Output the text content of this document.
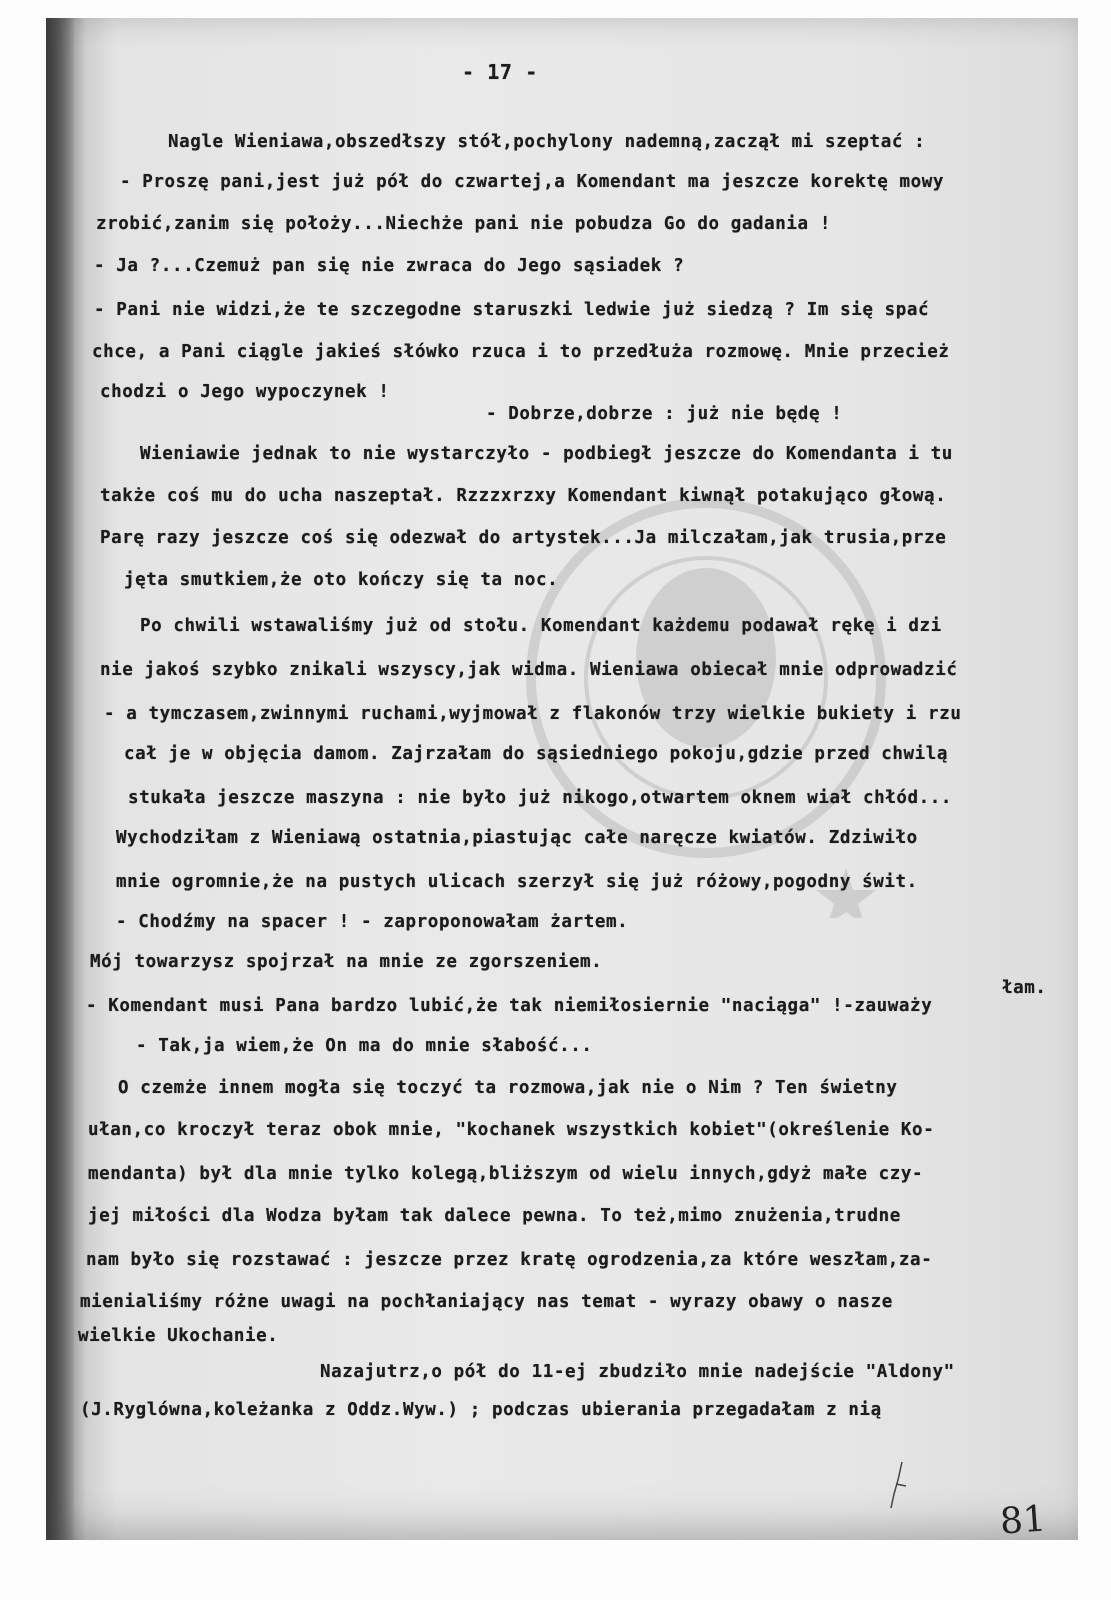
- 17 -
Nagle Wieniawa,obszedłszy stół,pochylony nademną,zaczął mi szeptać :
- Proszę pani,jest już pół do czwartej,a Komendant ma jeszcze korektę mowy
zrobić,zanim się położy...Niechże pani nie pobudza Go do gadania !
- Ja ?...Czemuż pan się nie zwraca do Jego sąsiadek ?
- Pani nie widzi,że te szczegodne staruszki ledwie już siedzą ? Im się spać
chce, a Pani ciągle jakieś słówko rzuca i to przedłuża rozmowę. Mnie przecież
chodzi o Jego wypoczynek !
- Dobrze,dobrze : już nie będę !
Wieniawie jednak to nie wystarczyło - podbiegł jeszcze do Komendanta i tu
także coś mu do ucha naszeptał. Rzzzxrzxy Komendant kiwnął potakująco głową.
Parę razy jeszcze coś się odezwał do artystek...Ja milczałam,jak trusia,prze
jęta smutkiem,że oto kończy się ta noc.
Po chwili wstawaliśmy już od stołu. Komendant każdemu podawał rękę i dzi
nie jakoś szybko znikali wszyscy,jak widma. Wieniawa obiecał mnie odprowadzić
- a tymczasem,zwinnymi ruchami,wyjmował z flakonów trzy wielkie bukiety i rzu
cał je w objęcia damom. Zajrzałam do sąsiedniego pokoju,gdzie przed chwilą
stukała jeszcze maszyna : nie było już nikogo,otwartem oknem wiał chłód...
Wychodziłam z Wieniawą ostatnia,piastując całe naręcze kwiatów. Zdziwiło
mnie ogromnie,że na pustych ulicach szerzył się już różowy,pogodny świt.
- Chodźmy na spacer ! - zaproponowałam żartem.
Mój towarzysz spojrzał na mnie ze zgorszeniem.
łam.
- Komendant musi Pana bardzo lubić,że tak niemiłosiernie "naciąga" !-zauważy
- Tak,ja wiem,że On ma do mnie słabość...
O czemże innem mogła się toczyć ta rozmowa,jak nie o Nim ? Ten świetny
ułan,co kroczył teraz obok mnie, "kochanek wszystkich kobiet"(określenie Ko-
mendanta) był dla mnie tylko kolegą,bliższym od wielu innych,gdyż małe czy-
jej miłości dla Wodza byłam tak dalece pewna. To też,mimo znużenia,trudne
nam było się rozstawać : jeszcze przez kratę ogrodzenia,za które weszłam,za-
mienialiśmy różne uwagi na pochłaniający nas temat - wyrazy obawy o nasze
wielkie Ukochanie.
Nazajutrz,o pół do 11-ej zbudziło mnie nadejście "Aldony"
(J.Ryglówna,koleżanka z Oddz.Wyw.) ; podczas ubierania przegadałam z nią
81
